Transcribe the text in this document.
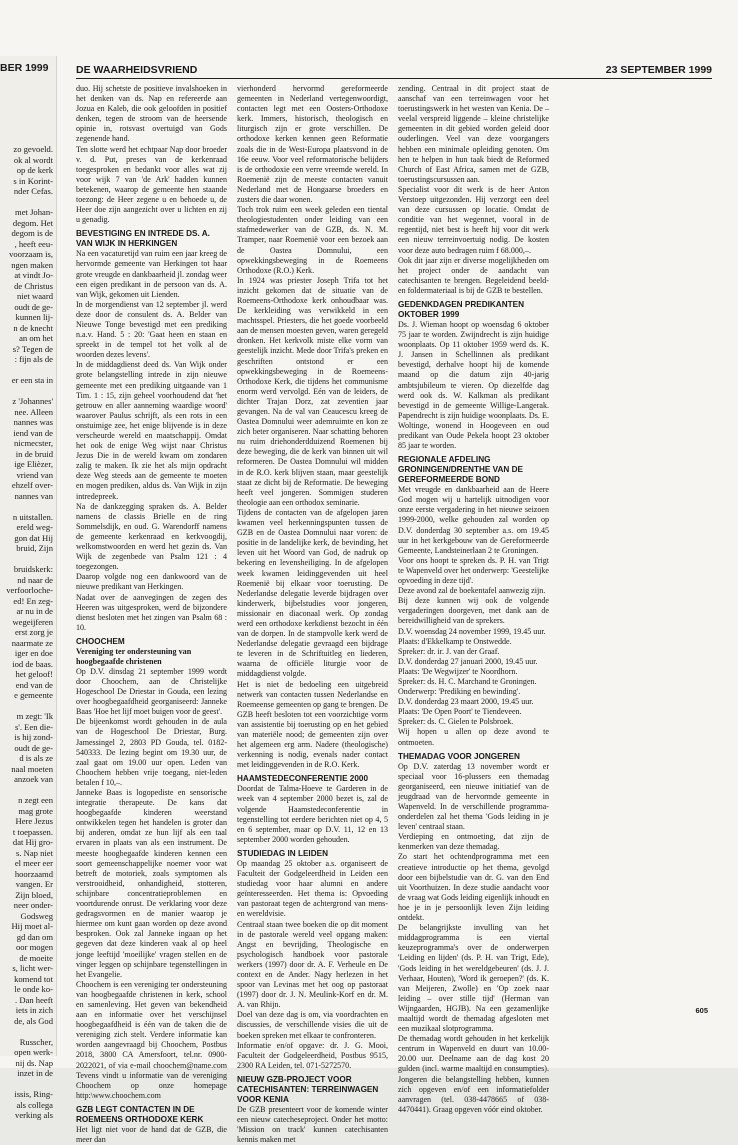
zo gevoeld.
ok al wordt
op de kerk
s in Korint-
nder Cefas.

met Johan-
degom. Het
degom is de
, heeft eeu-
voorzaam is,
ngen maken
at vindt Jo-
de Christus
niet waard
oudt de ge-
kunnen lij-
n de knecht
an om het
s? Tegen de
: fijn als de

er een sta in

z 'Johannes'
nee. Alleen
nannes was
iend van de
nicmecster,
in de bruid
ige Elièzer,
vriend van
ehzelf over-
nannes van

n uitstallen.
ereld weg-
gon dat Hij
bruid, Zijn

bruidskerk:
nd naar de
verfoorloche-
ed! En zeg-
ar nu in de
wegeijferen
erst zorg je
naarmate ze
iger en doe
iod de baas.
het geloof!
end van de
e gemeente

m zegt: 'Ik
s'. Een die-
is hij zond-
oudt de ge-
d is als ze
naal moeten
anzoek van

n zegt een
mag grote
Here Jezus
t toepassen.
dat Hij gro-
s. Nap niet
el meer eer
hoorzaamd
vangen. Er
Zijn bloed,
neer onder-
Godsweg
Hij moet al-
gd dan om
oor mogen
de moeite
s, licht wer-
komend tot
le onde ko-
. Dan heeft
iets in zich
de, als God

Russcher,
open werk-
nij ds. Nap
inzet in de

issis, Ring-
als collega
verking als
BER 1999	DE WAARHEIDSVRIEND	23 SEPTEMBER 1999

duo. Hij schetste de positieve invalshoeken in het denken van ds. Nap en refereerde aan Jozua en Kaleb, die ook geloofden in positief denken, tegen de stroom van de heersende opinie in, rotsvast overtuigd van Gods zegenende hand.

Ten slotte werd het echtpaar Nap door broeder v. d. Put, preses van de kerkenraad toegesproken en bedankt voor alles wat zij voor wijk 7 van 'de Ark' hadden kunnen betekenen, waarop de gemeente hen staande toezong: de Heer zegene u en behoede u, de Heer doe zijn aangezicht over u lichten en zij u genadig.

BEVESTIGING EN INTREDE DS. A. VAN WIJK IN HERKINGEN

Na een vacaturetijd van ruim een jaar kreeg de hervormde gemeente van Herkingen tot haar grote vreugde en dankbaarheid jl. zondag weer een eigen predikant in de persoon van ds. A. van Wijk, gekomen uit Lienden.

In de morgendienst van 12 september jl. werd deze door de consulent ds. A. Belder van Nieuwe Tonge bevestigd met een prediking n.a.v. Hand. 5 : 20: 'Gaat heen en staan en spreekt in de tempel tot het volk al de woorden dezes levens'.

In de middagdienst deed ds. Van Wijk onder grote belangstelling intrede in zijn nieuwe gemeente met een prediking uitgaande van 1 Tim. 1 : 15, zijn geheel voorhoudend dat 'het getrouw en aller aanneming waardige woord' waarover Paulus schrijft, als een rots in een onstuimige zee, het enige blijvende is in deze verscheurde wereld en maatschappij. Omdat het ook de enige Weg wijst naar Christus Jezus Die in de wereld kwam om zondaren zalig te maken. Ik zie het als mijn opdracht deze Weg steeds aan de gemeente te moeten en mogen prediken, aldus ds. Van Wijk in zijn intredepreek.

Na de dankzegging spraken ds. A. Belder namens de classis Brielle en de ring Sommelsdijk, en oud. G. Warendorff namens de gemeente kerkenraad en kerkvoogdij, welkomstwoorden en werd het gezin ds. Van Wijk de zegenbede van Psalm 121 : 4 toegezongen.

Daarop volgde nog een dankwoord van de nieuwe predikant van Herkingen.

Nadat over de aanvegingen de zegen des Heeren was uitgesproken, werd de bijzondere dienst besloten met het zingen van Psalm 68 : 10.

CHOOCHEM
Vereniging ter ondersteuning van hoogbegaafde christenen

Op D.V. dinsdag 21 september 1999 wordt door Choochem, aan de Christelijke Hogeschool De Driestar in Gouda, een lezing over hoogbegaafdheid georganiseerd: Janneke Baas 'Hoe het lijf moet buigen voor de geest'.

De bijeenkomst wordt gehouden in de aula van de Hogeschool De Driestar, Burg. Jamessingel 2, 2803 PD Gouda, tel. 0182-540333. De lezing begint om 19.30 uur, de zaal gaat om 19.00 uur open. Leden van Choochem hebben vrije toegang, niet-leden betalen f 10,–.

Janneke Baas is logopediste en sensorische integratie therapeute. De kans dat hoogbegaafde kinderen weerstand ontwikkelen tegen het handelen is groter dan bij anderen, omdat ze hun lijf als een taal ervaren in plaats van als een instrument. De meeste hoogbegaafde kinderen kennen een soort gemeenschappelijke noemer voor wat betreft de motoriek, zoals symptomen als verstrooidheid, onhandigheid, stotteren, schijnbare concentratieproblemen en voortdurende onrust. De verklaring voor deze gedragsvormen en de manier waarop je hiermee om kunt gaan worden op deze avond besproken. Ook zal Janneke ingaan op het gegeven dat deze kinderen vaak al op heel jonge leeftijd 'moeilijke' vragen stellen en de vinger leggen op schijnbare tegenstellingen in het Evangelie.

Choochem is een vereniging ter ondersteuning van hoogbegaafde christenen in kerk, school en samenleving. Het geven van bekendheid aan en informatie over het verschijnsel hoogbegaafdheid is één van de taken die de vereniging zich stelt. Verdere informatie kan worden aangevraagd bij Choochem, Postbus 2018, 3800 CA Amersfoort, tel.nr. 0900-2022021, of via e-mail choochem@name.com Tevens vindt u informatie van de vereniging Choochem op onze homepage http:\www.choochem.com

GZB LEGT CONTACTEN IN DE ROEMEENS ORTHODOXE KERK

Het ligt niet voor de hand dat de GZB, die meer dan

vierhonderd hervormd gereformeerde gemeenten in Nederland vertegenwoordigt, contacten legt met een Oosters-Orthodoxe kerk. Immers, historisch, theologisch en liturgisch zijn er grote verschillen. De orthodoxe kerken kennen geen Reformatie zoals die in de West-Europa plaatsvond in de 16e eeuw. Voor veel reformatorische belijders is de orthodoxie een verre vreemde wereld. In Roemenië zijn de meeste contacten vanuit Nederland met de Hongaarse broeders en zusters die daar wonen.

Toch trok ruim een week geleden een tiental theologiestudenten onder leiding van een stafmedewerker van de GZB, ds. N. M. Tramper, naar Roemenië voor een bezoek aan de Oastea Domnului, een opwekkingsbeweging in de Roemeens Orthodoxe (R.O.) Kerk.

In 1924 was priester Joseph Trifa tot het inzicht gekomen dat de situatie van de Roemeens-Orthodoxe kerk onhoudbaar was. De kerkleiding was verwikkeld in een machtsspel. Priesters, die het goede voorbeeld aan de mensen moesten geven, waren geregeld dronken. Het kerkvolk miste elke vorm van geestelijk inzicht. Mede door Trifa's preken en geschriften ontstond er een opwekkingsbeweging in de Roemeens-Orthodoxe Kerk, die tijdens het communisme enorm werd vervolgd. Eén van de leiders, de dichter Trajan Dorz, zat zeventien jaar gevangen. Na de val van Ceaucescu kreeg de Oastea Domnului weer ademruimte en kon ze zich beter organiseren. Naar schatting behoren nu ruim driehonderdduizend Roemenen bij deze beweging, die de kerk van binnen uit wil reformeren. De Oastea Domnului wil midden in de R.O. kerk blijven staan, maar geestelijk staat ze dicht bij de Reformatie. De beweging heeft veel jongeren. Sommigen studeren theologie aan een orthodox seminarie.

Tijdens de contacten van de afgelopen jaren kwamen veel herkenningspunten tussen de GZB en de Oastea Domnului naar voren: de positie in de landelijke kerk, de bevinding, het leven uit het Woord van God, de nadruk op bekering en levensheiliging. In de afgelopen week kwamen leidinggevenden uit heel Roemenië bij elkaar voor toerusting. De Nederlandse delegatie leverde bijdragen over kinderwerk, bijbelstudies voor jongeren, missionair en diaconaal werk. Op zondag werd een orthodoxe kerkdienst bezocht in één van de dorpen. In de stampvolle kerk werd de Nederlandse delegatie gevraagd een bijdrage te leveren in de Schriftuitleg en liederen, waarna de officiële liturgie voor de middagdienst volgde.

Het is niet de bedoeling een uitgebreid netwerk van contacten tussen Nederlandse en Roemeense gemeenten op gang te brengen. De GZB heeft besloten tot een voorzichtige vorm van assistentie bij toerusting op en het gebied van materiële nood; de gemeenten zijn over het algemeen erg arm. Nadere (theologische) verkenning is nodig, evenals nader contact met leidinggevenden in de R.O. Kerk.

HAAMSTEDECONFERENTIE 2000

Doordat de Talma-Hoeve te Garderen in de week van 4 september 2000 bezet is, zal de volgende Haamstedeconferentie in tegenstelling tot eerdere berichten niet op 4, 5 en 6 september, maar op D.V. 11, 12 en 13 september 2000 worden gehouden.

STUDIEDAG IN LEIDEN

Op maandag 25 oktober a.s. organiseert de Faculteit der Godgeleerdheid in Leiden een studiedag voor haar alumni en andere geïnteresseerden. Het thema is: Opvoeding van pastoraat tegen de achtergrond van mens- en wereldvisie.

Centraal staan twee boeken die op dit moment in de pastorale wereld veel opgang maken: Angst en bevrijding, Theologische en psychologisch handboek voor pastorale werkers (1997) door dr. A. F. Verheule en De context en de Ander. Nagy herlezen in het spoor van Levinas met het oog op pastoraat (1997) door dr. J. N. Meulink-Korf en dr. M. A. van Rhijn.

Doel van deze dag is om, via voordrachten en discussies, de verschillende visies die uit de boeken spreken met elkaar te confronteren.

Informatie en/of opgave: dr. J. G. Mooi, Faculteit der Godgeleerdheid, Postbus 9515, 2300 RA Leiden, tel. 071-5272570.

NIEUW GZB-PROJECT VOOR CATECHISANTEN: TERREINWAGEN VOOR KENIA

De GZB presenteert voor de komende winter een nieuw catecheseproject. Onder het motto: 'Mission on track' kunnen catechisanten kennis maken met

zending. Centraal in dit project staat de aanschaf van een terreinwagen voor het toerustingswerk in het westen van Kenia. De – veelal verspreid liggende – kleine christelijke gemeenten in dit gebied worden geleid door ouderlingen. Veel van deze voorgangers hebben een minimale opleiding genoten. Om hen te helpen in hun taak biedt de Reformed Church of East Africa, samen met de GZB, toerustingscursussen aan.

Specialist voor dit werk is de heer Anton Verstoep uitgezonden. Hij verzorgt een deel van deze cursussen op locatie. Omdat de conditie van het wegennet, vooral in de regentijd, niet best is heeft hij voor dit werk een nieuw terreinvoertuig nodig. De kosten voor deze auto bedragen ruim f 68.000,–.

Ook dit jaar zijn er diverse mogelijkheden om het project onder de aandacht van catechisanten te brengen. Begeleidend beeld- en foldermateriaal is bij de GZB te bestellen.

GEDENKDAGEN PREDIKANTEN OKTOBER 1999

Ds. J. Wieman hoopt op woensdag 6 oktober 75 jaar te worden. Zwijndrecht is zijn huidige woonplaats. Op 11 oktober 1959 werd ds. K. J. Jansen in Schellinnen als predikant bevestigd, derhalve hoopt hij de komende maand op die datum zijn 40-jarig ambtsjubileum te vieren. Op diezelfde dag werd ook ds. W. Kalkman als predikant bevestigd in de gemeente Willige-Langerak. Papendrecht is zijn huidige woonplaats. Ds. E. Woltinge, wonend in Hoogeveen en oud predikant van Oude Pekela hoopt 23 oktober 85 jaar te worden.

REGIONALE AFDELING GRONINGEN/DRENTHE VAN DE GEREFORMEERDE BOND

Met vreugde en dankbaarheid aan de Heere God mogen wij u hartelijk uitnodigen voor onze eerste vergadering in het nieuwe seizoen 1999-2000, welke gehouden zal worden op D.V. donderdag 30 september a.s. om 19.45 uur in het kerkgebouw van de Gereformeerde Gemeente, Landsteinerlaan 2 te Groningen.

Voor ons hoopt te spreken ds. P. H. van Trigt te Wapenveld over het onderwerp: 'Geestelijke opvoeding in deze tijd'.

Deze avond zal de boekentafel aanwezig zijn.

Bij deze kunnen wij ook de volgende vergaderingen doorgeven, met dank aan de bereidwilligheid van de sprekers.

D.V. woensdag 24 november 1999, 19.45 uur.

Plaats: d'Ekkelkamp te Onstwedde.

Spreker: dr. ir. J. van der Graaf.

D.V. donderdag 27 januari 2000, 19.45 uur.

Plaats: 'De Wegwijzer' te Noordhorn.

Spreker: ds. H. C. Marchand te Groningen.

Onderwerp: 'Prediking en bewinding'.

D.V. donderdag 23 maart 2000, 19.45 uur.

Plaats: 'De Open Poort' te Tiendeveen.

Spreker: ds. C. Gielen te Polsbroek.

Wij hopen u allen op deze avond te ontmoeten.

THEMADAG VOOR JONGEREN

Op D.V. zaterdag 13 november wordt er speciaal voor 16-plussers een themadag georganiseerd, een nieuwe initiatief van de jeugdraad van de hervormde gemeente in Wapenveld. In de verschillende programma-onderdelen zal het thema 'Gods leiding in je leven' centraal staan.

Verdieping en ontmoeting, dat zijn de kenmerken van deze themadag.

Zo start het ochtendprogramma met een creatieve introductie op het thema, gevolgd door een bijbelstudie van dr. G. van den End uit Voorthuizen. In deze studie aandacht voor de vraag wat Gods leiding eigenlijk inhoudt en hoe je in je persoonlijk leven Zijn leiding ontdekt.

De belangrijkste invulling van het middagprogramma is een viertal keuzeprogramma's over de onderwerpen 'Leiding en lijden' (ds. P. H. van Trigt, Ede), 'Gods leiding in het wereldgebeuren' (ds. J. J. Verhaar, Houten), 'Word ik geroepen?' (ds. K. van Meijeren, Zwolle) en 'Op zoek naar leiding – over stille tijd' (Herman van Wijngaarden, HGJB). Na een gezamenlijke maaltijd wordt de themadag afgesloten met een muzikaal slotprogramma.

De themadag wordt gehouden in het kerkelijk centrum in Wapenveld en duurt van 10.00-20.00 uur. Deelname aan de dag kost 20 gulden (incl. warme maaltijd en consumpties). Jongeren die belangstelling hebben, kunnen zich opgeven en/of een informatiefolder aanvragen (tel. 038-4478665 of 038-4470441). Graag opgeven vóór eind oktober.

605
